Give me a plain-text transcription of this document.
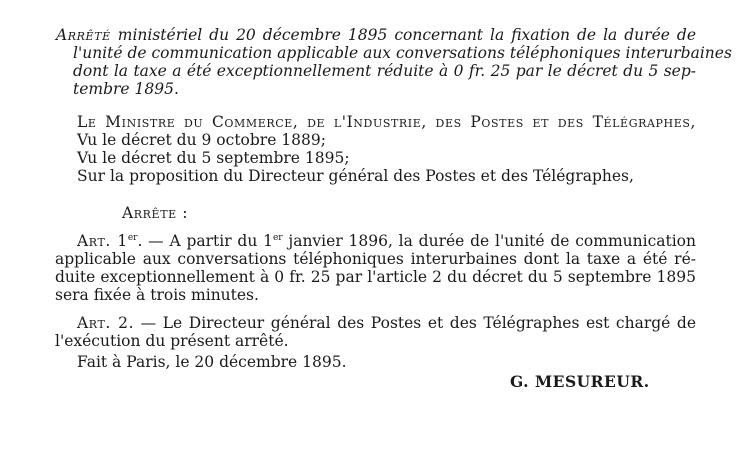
Arrêté ministériel du 20 décembre 1895 concernant la fixation de la durée de
l'unité de communication applicable aux conversations téléphoniques interurbaines
dont la taxe a été exceptionnellement réduite à 0 fr. 25 par le décret du 5 sep-
tembre 1895.
Le Ministre du Commerce, de l'Industrie, des Postes et des Télégraphes,
Vu le décret du 9 octobre 1889;
Vu le décret du 5 septembre 1895;
Sur la proposition du Directeur général des Postes et des Télégraphes,
Arrête :
Art. 1er. — A partir du 1er janvier 1896, la durée de l'unité de communication
applicable aux conversations téléphoniques interurbaines dont la taxe a été ré-
duite exceptionnellement à 0 fr. 25 par l'article 2 du décret du 5 septembre 1895
sera fixée à trois minutes.
Art. 2. — Le Directeur général des Postes et des Télégraphes est chargé de
l'exécution du présent arrêté.
Fait à Paris, le 20 décembre 1895.
G. MESUREUR.
